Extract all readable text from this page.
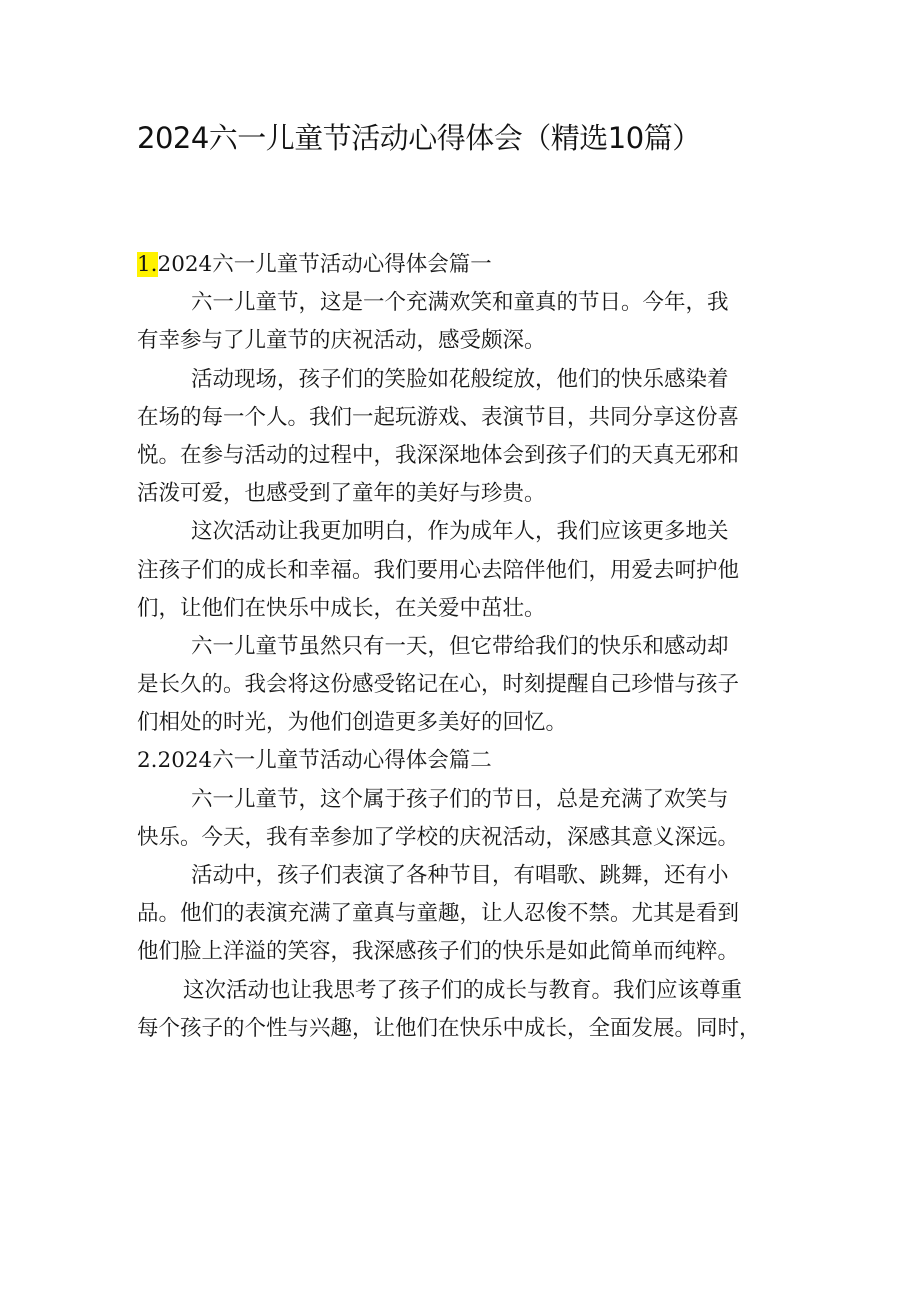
2024六一儿童节活动心得体会（精选10篇）
1.2024六一儿童节活动心得体会篇一
六一儿童节，这是一个充满欢笑和童真的节日。今年，我
有幸参与了儿童节的庆祝活动，感受颇深。
活动现场，孩子们的笑脸如花般绽放，他们的快乐感染着
在场的每一个人。我们一起玩游戏、表演节目，共同分享这份喜
悦。在参与活动的过程中，我深深地体会到孩子们的天真无邪和
活泼可爱，也感受到了童年的美好与珍贵。
这次活动让我更加明白，作为成年人，我们应该更多地关
注孩子们的成长和幸福。我们要用心去陪伴他们，用爱去呵护他
们，让他们在快乐中成长，在关爱中茁壮。
六一儿童节虽然只有一天，但它带给我们的快乐和感动却
是长久的。我会将这份感受铭记在心，时刻提醒自己珍惜与孩子
们相处的时光，为他们创造更多美好的回忆。
2.2024六一儿童节活动心得体会篇二
六一儿童节，这个属于孩子们的节日，总是充满了欢笑与
快乐。今天，我有幸参加了学校的庆祝活动，深感其意义深远。
活动中，孩子们表演了各种节目，有唱歌、跳舞，还有小
品。他们的表演充满了童真与童趣，让人忍俊不禁。尤其是看到
他们脸上洋溢的笑容，我深感孩子们的快乐是如此简单而纯粹。
这次活动也让我思考了孩子们的成长与教育。我们应该尊重
每个孩子的个性与兴趣，让他们在快乐中成长，全面发展。同时，
